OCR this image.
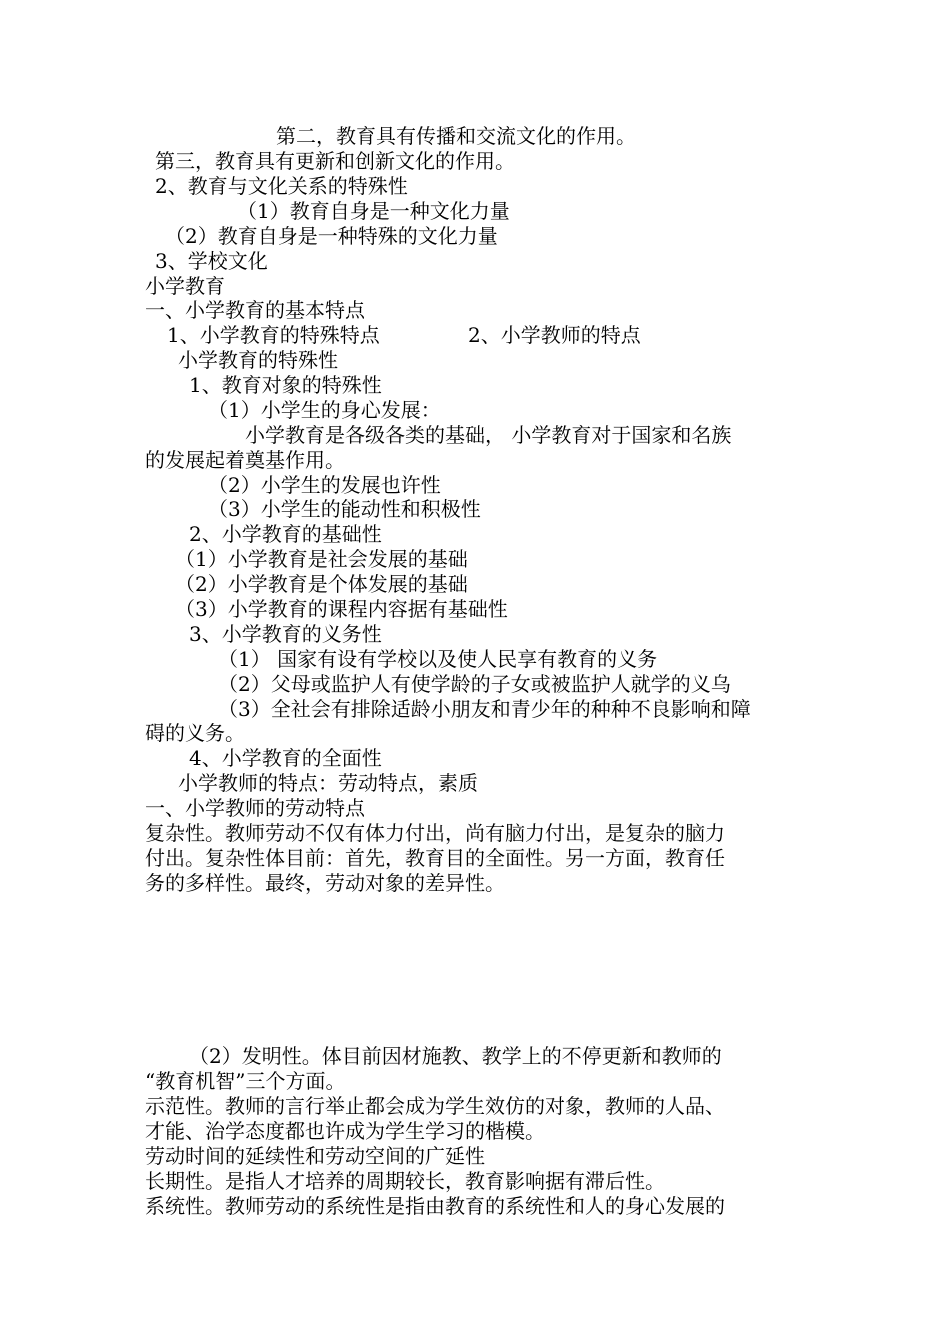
第二，教育具有传播和交流文化的作用。
第三，教育具有更新和创新文化的作用。
2、教育与文化关系的特殊性
（1）教育自身是一种文化力量
（2）教育自身是一种特殊的文化力量
3、学校文化
小学教育
一、小学教育的基本特点
1、小学教育的特殊特点	2、小学教师的特点
小学教育的特殊性
1、教育对象的特殊性
（1）小学生的身心发展：
小学教育是各级各类的基础， 小学教育对于国家和名族
的发展起着奠基作用。
（2）小学生的发展也许性
（3）小学生的能动性和积极性
2、小学教育的基础性
（1）小学教育是社会发展的基础
（2）小学教育是个体发展的基础
（3）小学教育的课程内容据有基础性
3、小学教育的义务性
（1） 国家有设有学校以及使人民享有教育的义务
（2）父母或监护人有使学龄的子女或被监护人就学的义乌
（3）全社会有排除适龄小朋友和青少年的种种不良影响和障
碍的义务。
4、小学教育的全面性
小学教师的特点：劳动特点，素质
一、小学教师的劳动特点
复杂性。教师劳动不仅有体力付出，尚有脑力付出，是复杂的脑力
付出。复杂性体目前：首先，教育目的全面性。另一方面，教育任
务的多样性。最终，劳动对象的差异性。
（2）发明性。体目前因材施教、教学上的不停更新和教师的
“教育机智”三个方面。
示范性。教师的言行举止都会成为学生效仿的对象，教师的人品、
才能、治学态度都也许成为学生学习的楷模。
劳动时间的延续性和劳动空间的广延性
长期性。是指人才培养的周期较长，教育影响据有滞后性。
系统性。教师劳动的系统性是指由教育的系统性和人的身心发展的
